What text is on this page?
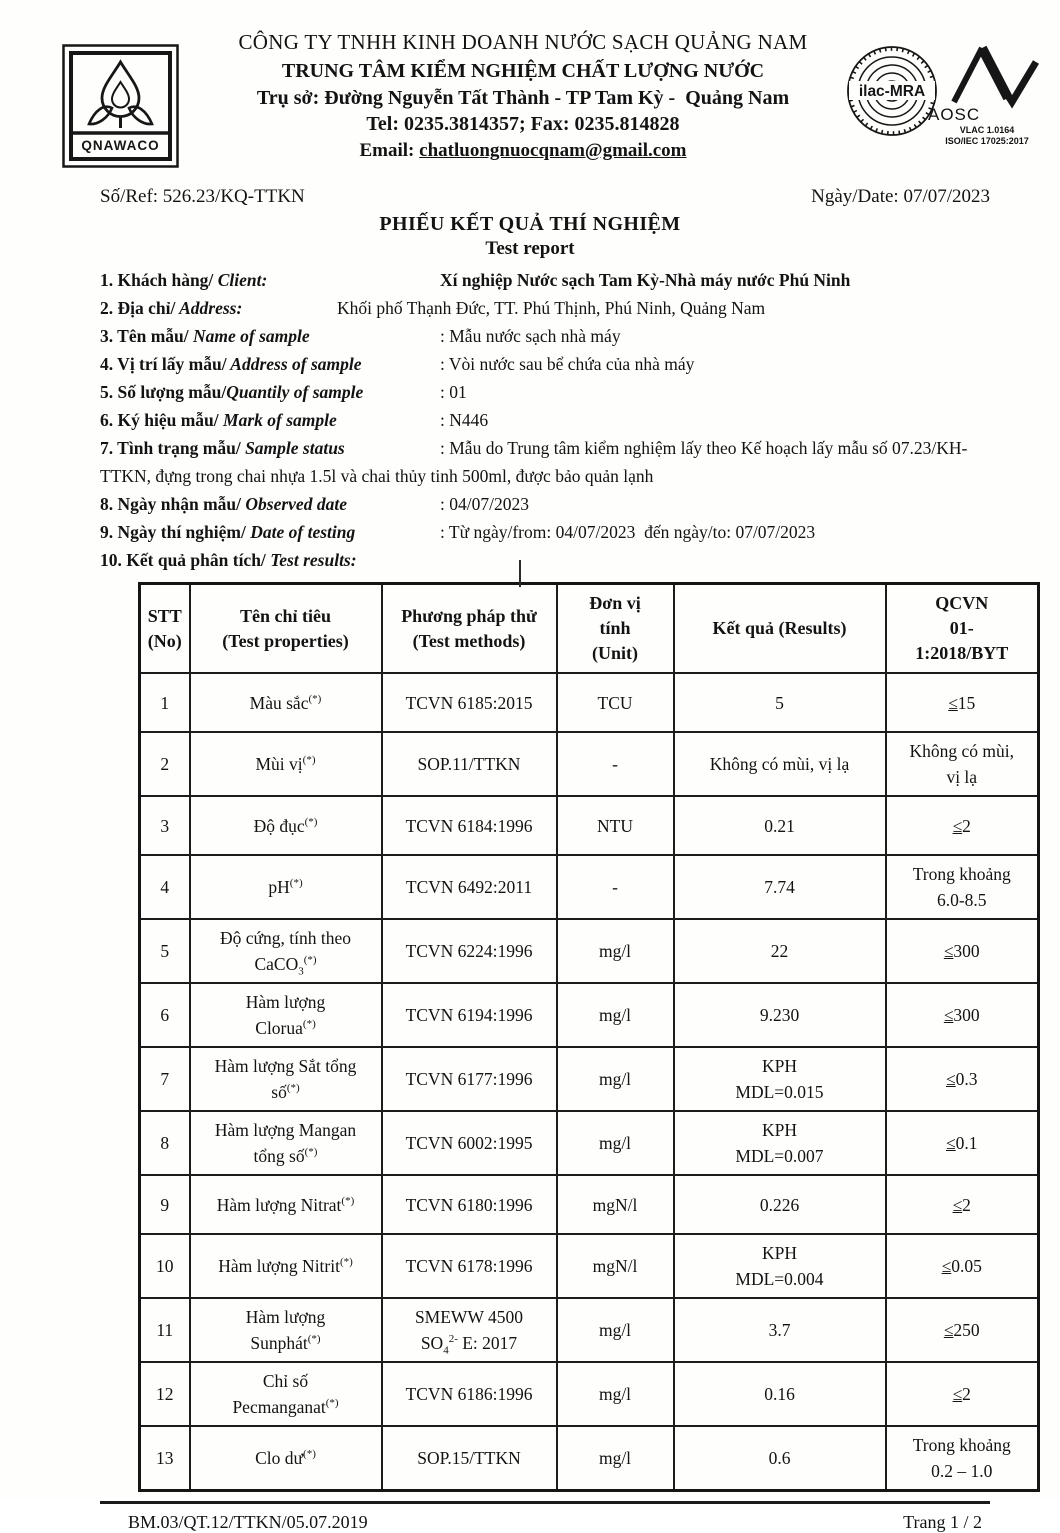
QNAWACO
CÔNG TY TNHH KINH DOANH NƯỚC SẠCH QUẢNG NAM
TRUNG TÂM KIỂM NGHIỆM CHẤT LƯỢNG NƯỚC
Trụ sở: Đường Nguyễn Tất Thành - TP Tam Kỳ -  Quảng Nam
Tel: 0235.3814357; Fax: 0235.814828
Email: chatluongnuocqnam@gmail.com
ilac-MRA
AOSC
VLAC 1.0164
ISO/IEC 17025:2017
Số/Ref: 526.23/KQ-TTKN	Ngày/Date: 07/07/2023
PHIẾU KẾT QUẢ THÍ NGHIỆM
Test report

1. Khách hàng/ Client:	Xí nghiệp Nước sạch Tam Kỳ-Nhà máy nước Phú Ninh

2. Địa chỉ/ Address:	Khối phố Thạnh Đức, TT. Phú Thịnh, Phú Ninh, Quảng Nam

3. Tên mẫu/ Name of sample	: Mẫu nước sạch nhà máy

4. Vị trí lấy mẫu/ Address of sample	: Vòi nước sau bể chứa của nhà máy

5. Số lượng mẫu/Quantily of sample	: 01

6. Ký hiệu mẫu/ Mark of sample	: N446

7. Tình trạng mẫu/ Sample status	: Mẫu do Trung tâm kiểm nghiệm lấy theo Kế hoạch lấy mẫu số 07.23/KH-TTKN, đựng trong chai nhựa 1.5l và chai thủy tinh 500ml, được bảo quản lạnh

8. Ngày nhận mẫu/ Observed date	: 04/07/2023

9. Ngày thí nghiệm/ Date of testing	: Từ ngày/from: 04/07/2023  đến ngày/to: 07/07/2023

10. Kết quả phân tích/ Test results:

STT
(No)	Tên chỉ tiêu
(Test properties)	Phương pháp thử
(Test methods)	Đơn vị
tính
(Unit)	Kết quả (Results)	QCVN
01-
1:2018/BYT
1	Màu sắc(*)	TCVN 6185:2015	TCU	5	≤15
2	Mùi vị(*)	SOP.11/TTKN	-	Không có mùi, vị lạ	Không có mùi,
vị lạ
3	Độ đục(*)	TCVN 6184:1996	NTU	0.21	≤2
4	pH(*)	TCVN 6492:2011	-	7.74	Trong khoảng
6.0-8.5
5	Độ cứng, tính theo
CaCO$_3$(*)	TCVN 6224:1996	mg/l	22	≤300
6	Hàm lượng
Clorua(*)	TCVN 6194:1996	mg/l	9.230	≤300
7	Hàm lượng Sắt tổng
số(*)	TCVN 6177:1996	mg/l	KPH
MDL=0.015	≤0.3
8	Hàm lượng Mangan
tổng số(*)	TCVN 6002:1995	mg/l	KPH
MDL=0.007	≤0.1
9	Hàm lượng Nitrat(*)	TCVN 6180:1996	mgN/l	0.226	≤2
10	Hàm lượng Nitrit(*)	TCVN 6178:1996	mgN/l	KPH
MDL=0.004	≤0.05
11	Hàm lượng
Sunphát(*)	SMEWW 4500
$SO_4^{2-}$ E: 2017	mg/l	3.7	≤250
12	Chỉ số
Pecmanganat(*)	TCVN 6186:1996	mg/l	0.16	≤2
13	Clo dư(*)	SOP.15/TTKN	mg/l	0.6	Trong khoảng
0.2 – 1.0
BM.03/QT.12/TTKN/05.07.2019	Trang 1 / 2
